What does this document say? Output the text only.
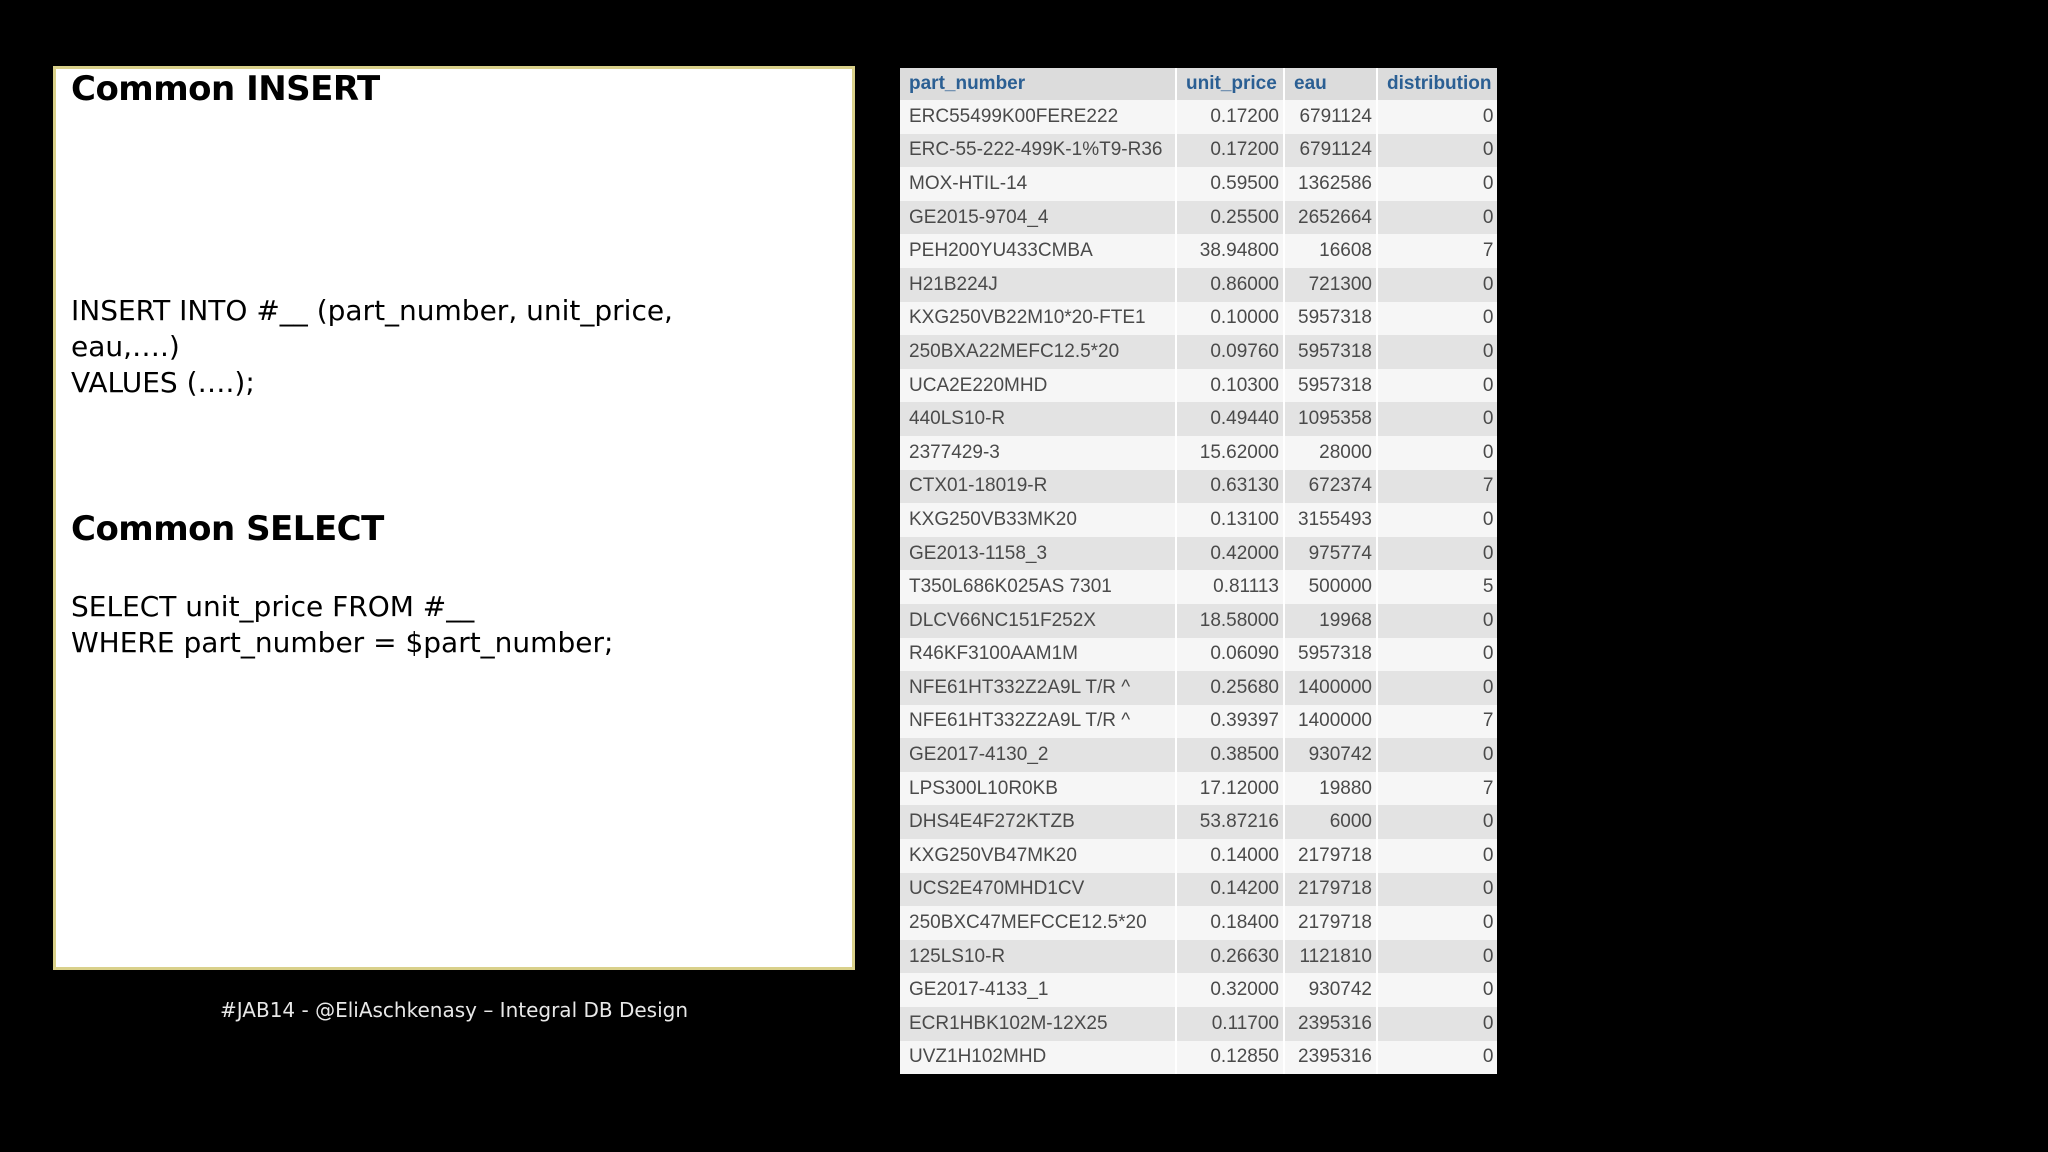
Common INSERT
INSERT INTO #__ (part_number, unit_price,
eau,….)
VALUES (….);
Common SELECT
SELECT unit_price FROM #__
WHERE part_number = $part_number;
#JAB14 - @EliAschkenasy – Integral DB Design
part_number	unit_price	eau	distribution
ERC55499K00FERE222	0.17200	6791124	0
ERC-55-222-499K-1%T9-R36	0.17200	6791124	0
MOX-HTIL-14	0.59500	1362586	0
GE2015-9704_4	0.25500	2652664	0
PEH200YU433CMBA	38.94800	16608	7
H21B224J	0.86000	721300	0
KXG250VB22M10*20-FTE1	0.10000	5957318	0
250BXA22MEFC12.5*20	0.09760	5957318	0
UCA2E220MHD	0.10300	5957318	0
440LS10-R	0.49440	1095358	0
2377429-3	15.62000	28000	0
CTX01-18019-R	0.63130	672374	7
KXG250VB33MK20	0.13100	3155493	0
GE2013-1158_3	0.42000	975774	0
T350L686K025AS 7301	0.81113	500000	5
DLCV66NC151F252X	18.58000	19968	0
R46KF3100AAM1M	0.06090	5957318	0
NFE61HT332Z2A9L T/R ^	0.25680	1400000	0
NFE61HT332Z2A9L T/R ^	0.39397	1400000	7
GE2017-4130_2	0.38500	930742	0
LPS300L10R0KB	17.12000	19880	7
DHS4E4F272KTZB	53.87216	6000	0
KXG250VB47MK20	0.14000	2179718	0
UCS2E470MHD1CV	0.14200	2179718	0
250BXC47MEFCCE12.5*20	0.18400	2179718	0
125LS10-R	0.26630	1121810	0
GE2017-4133_1	0.32000	930742	0
ECR1HBK102M-12X25	0.11700	2395316	0
UVZ1H102MHD	0.12850	2395316	0
